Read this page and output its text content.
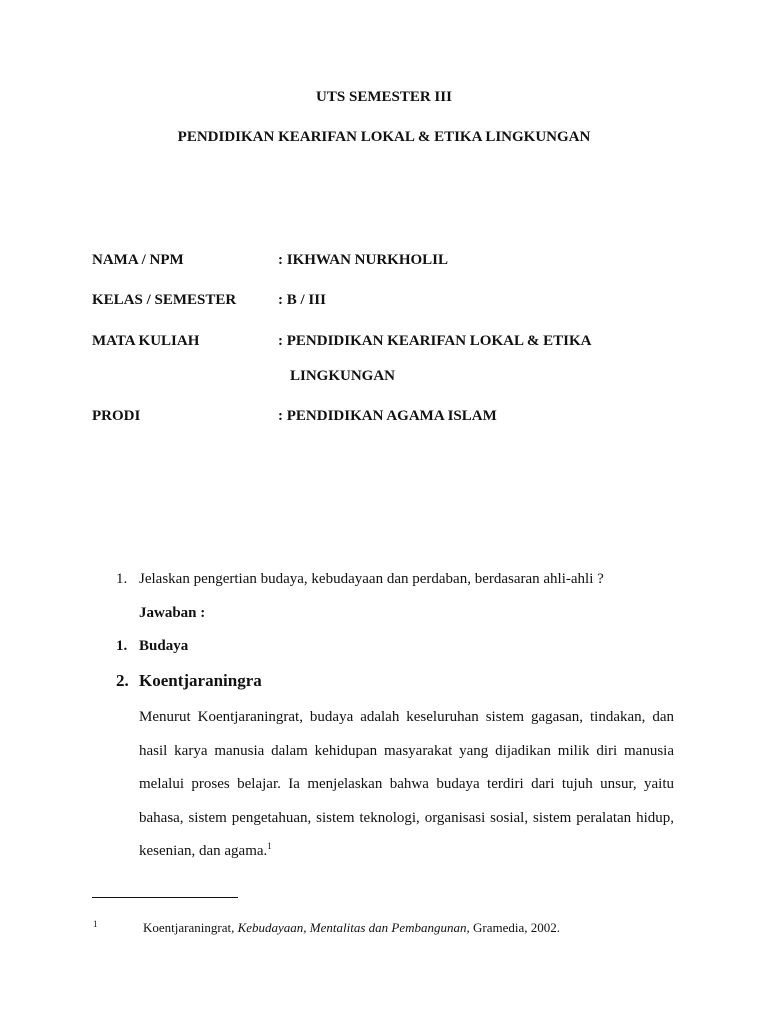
UTS SEMESTER III
PENDIDIKAN KEARIFAN LOKAL & ETIKA LINGKUNGAN
NAMA / NPM	: IKHWAN NURKHOLIL
KELAS / SEMESTER	: B / III
MATA KULIAH	: PENDIDIKAN KEARIFAN LOKAL & ETIKA
LINGKUNGAN
PRODI	: PENDIDIKAN AGAMA ISLAM
1. Jelaskan pengertian budaya, kebudayaan dan perdaban, berdasaran ahli-ahli ?
Jawaban :
1. Budaya
2. Koentjaraningra
Menurut Koentjaraningrat, budaya adalah keseluruhan sistem gagasan, tindakan, dan hasil karya manusia dalam kehidupan masyarakat yang dijadikan milik diri manusia melalui proses belajar. Ia menjelaskan bahwa budaya terdiri dari tujuh unsur, yaitu bahasa, sistem pengetahuan, sistem teknologi, organisasi sosial, sistem peralatan hidup, kesenian, dan agama.$^1$
1	Koentjaraningrat, Kebudayaan, Mentalitas dan Pembangunan, Gramedia, 2002.
